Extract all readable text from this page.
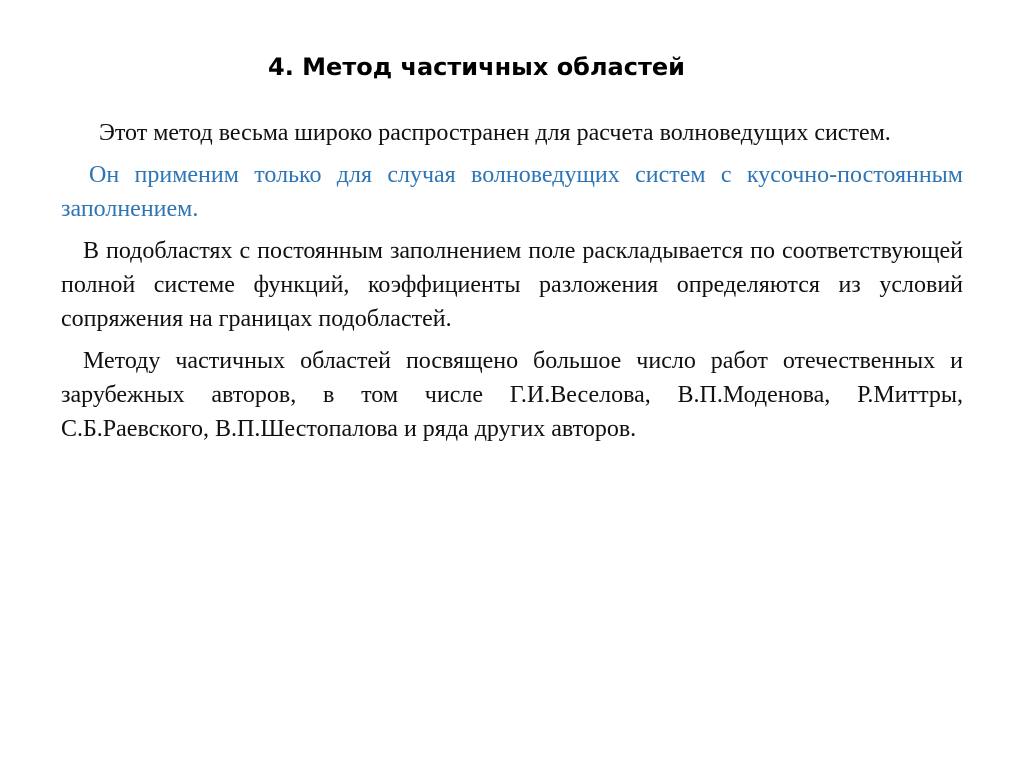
4. Метод частичных областей

Этот метод весьма широко распространен для расчета волноведущих систем.

Он применим только для случая волноведущих систем с кусочно-постоянным заполнением.

В подобластях с постоянным заполнением поле раскладывается по соответствующей полной системе функций, коэффициенты разложения определяются из условий сопряжения на границах подобластей.

Методу частичных областей посвящено большое число работ отечественных и зарубежных авторов, в том числе Г.И.Веселова, В.П.Моденова, Р.Миттры, С.Б.Раевского, В.П.Шестопалова и ряда других авторов.
